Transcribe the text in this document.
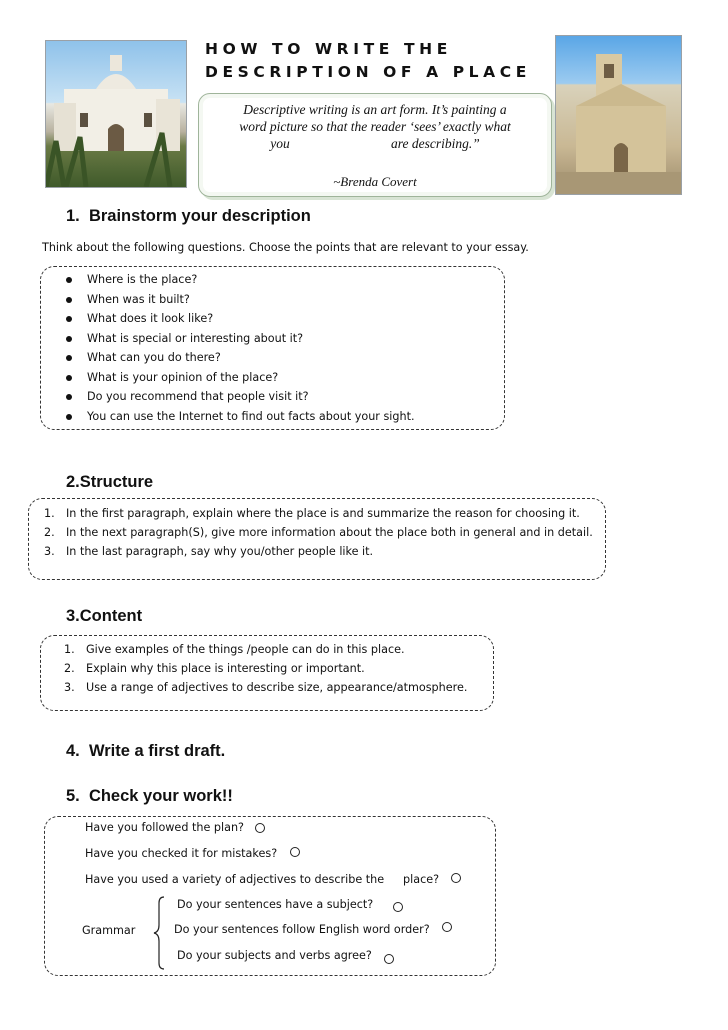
HOW TO WRITE THE
DESCRIPTION OF A PLACE
Descriptive writing is an art form. It’s painting a
word picture so that the reader ‘sees’ exactly what
you                              are describing.”
~Brenda Covert
1. Brainstorm your description
Think about the following questions. Choose the points that are relevant to your essay.
Where is the place?
When was it built?
What does it look like?
What is special or interesting about it?
What can you do there?
What is your opinion of the place?
Do you recommend that people visit it?
You can use the Internet to find out facts about your sight.
2.Structure
1. In the first paragraph, explain where the place is and summarize the reason for choosing it.
2. In the next paragraph(S), give more information about the place both in general and in detail.
3. In the last paragraph, say why you/other people like it.
3.Content
1. Give examples of the things /people can do in this place.
2. Explain why this place is interesting or important.
3. Use a range of adjectives to describe size, appearance/atmosphere.
4. Write a first draft.
5. Check your work!!
Have you followed the plan?
Have you checked it for mistakes?
Have you used a variety of adjectives to describe the place?
Grammar
Do your sentences have a subject?
Do your sentences follow English word order?
Do your subjects and verbs agree?
